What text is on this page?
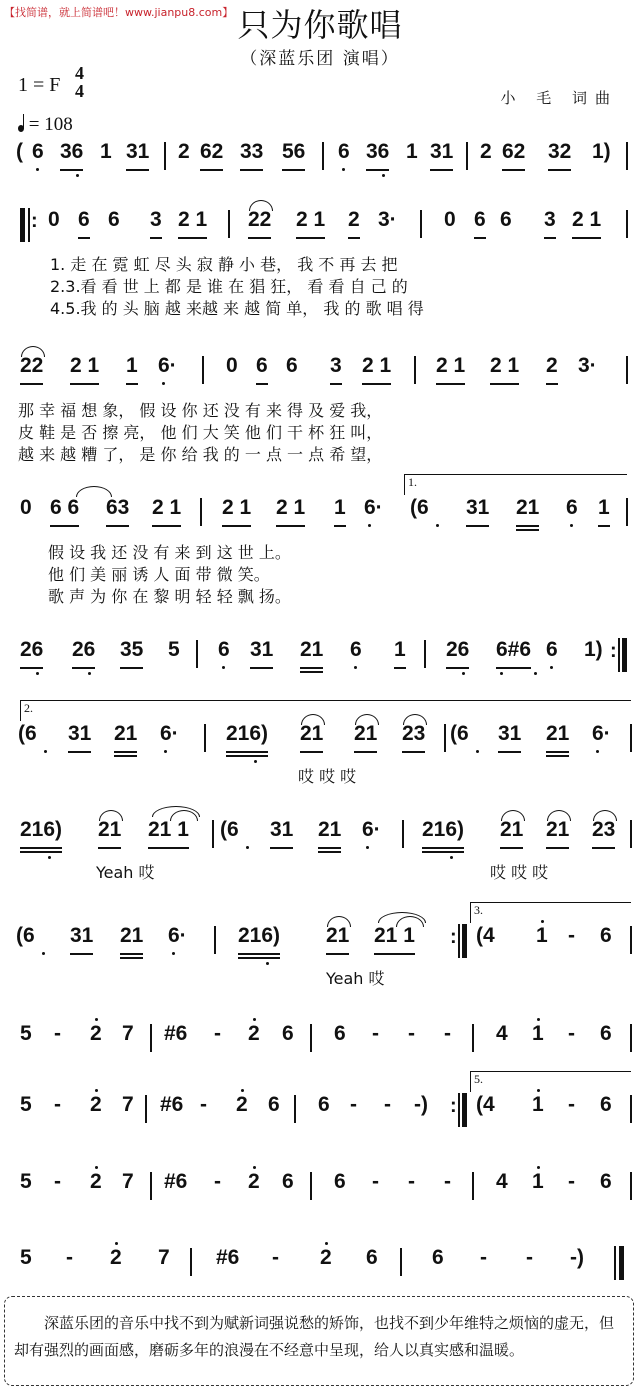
【找简谱，就上简谱吧！www.jianpu8.com】 只为你歌唱
（深蓝乐团 演唱）
1 = F
4
4
= 108
小 毛 词曲
( 6 36 1 31 2 62 33 56 6 36 1 31 2 62 32 1)
: 0 6 6 3 2 1 22 2 1 2 3· 0 6 6 3 2 1
22 2 1 1 6· 0 6 6 3 2 1 2 1 2 1 2 3·
0 6 6 63 2 1 2 1 2 1 1 6·
1.
(6 31 21 6 1
26 26 35 5 6 31 21 6 1 26 6#6 6 1) :
2.
(6 31 21 6· 216) 21 21 23 (6 31 21 6·
216) 21 21 1 (6 31 21 6· 216) 21 21 23
(6 31 21 6· 216) 21 21 1 :
3.
(4 1 - 6
5 - 2 7 #6 - 2 6 6 - - - 4 1 - 6
5 - 2 7 #6 - 2 6 6 - - -) :
5.
(4 1 - 6
5 - 2 7 #6 - 2 6 6 - - - 4 1 - 6
5 - 2 7 #6 - 2 6	6 - - -)
1. 走 在 霓 虹 尽 头 寂 静 小 巷， 我 不 再 去 把
2.3.看 看 世 上 都 是 谁 在 猖 狂， 看 看 自 己 的
4.5.我 的 头 脑 越 来越 来 越 简 单， 我 的 歌 唱 得
那 幸 福 想 象， 假 设 你 还 没 有 来 得 及 爱 我，
皮 鞋 是 否 擦 亮， 他 们 大 笑 他 们 干 杯 狂 叫，
越 来 越 糟 了， 是 你 给 我 的 一 点 一 点 希 望，
假 设 我 还 没 有 来 到 这 世 上。
他 们 美 丽 诱 人 面 带 微 笑。
歌 声 为 你 在 黎 明 轻 轻 飘 扬。
哎 哎 哎
Yeah 哎	哎 哎 哎
Yeah 哎
深蓝乐团的音乐中找不到为赋新词强说愁的矫饰，也找不到少年维特之烦恼的虚无，但却有强烈的画面感，磨砺多年的浪漫在不经意中呈现，给人以真实感和温暖。
